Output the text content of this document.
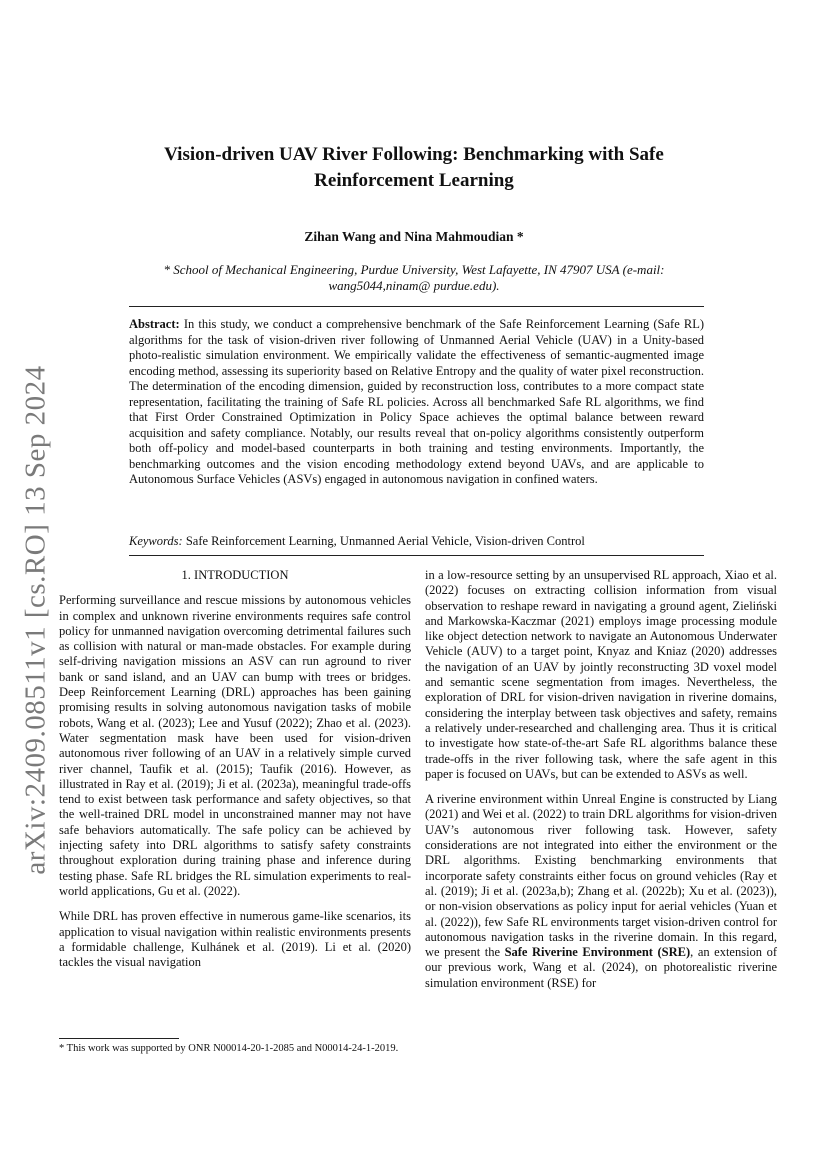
arXiv:2409.08511v1 [cs.RO] 13 Sep 2024
Vision-driven UAV River Following: Benchmarking with Safe Reinforcement Learning
Zihan Wang and Nina Mahmoudian *
* School of Mechanical Engineering, Purdue University, West Lafayette, IN 47907 USA (e-mail: wang5044,ninam@ purdue.edu).
Abstract: In this study, we conduct a comprehensive benchmark of the Safe Reinforcement Learning (Safe RL) algorithms for the task of vision-driven river following of Unmanned Aerial Vehicle (UAV) in a Unity-based photo-realistic simulation environment. We empirically validate the effectiveness of semantic-augmented image encoding method, assessing its superiority based on Relative Entropy and the quality of water pixel reconstruction. The determination of the encoding dimension, guided by reconstruction loss, contributes to a more compact state representation, facilitating the training of Safe RL policies. Across all benchmarked Safe RL algorithms, we find that First Order Constrained Optimization in Policy Space achieves the optimal balance between reward acquisition and safety compliance. Notably, our results reveal that on-policy algorithms consistently outperform both off-policy and model-based counterparts in both training and testing environments. Importantly, the benchmarking outcomes and the vision encoding methodology extend beyond UAVs, and are applicable to Autonomous Surface Vehicles (ASVs) engaged in autonomous navigation in confined waters.
Keywords: Safe Reinforcement Learning, Unmanned Aerial Vehicle, Vision-driven Control
1. INTRODUCTION

Performing surveillance and rescue missions by autonomous vehicles in complex and unknown riverine environments requires safe control policy for unmanned navigation overcoming detrimental failures such as collision with natural or man-made obstacles. For example during self-driving navigation missions an ASV can run aground to river bank or sand island, and an UAV can bump with trees or bridges. Deep Reinforcement Learning (DRL) approaches has been gaining promising results in solving autonomous navigation tasks of mobile robots, Wang et al. (2023); Lee and Yusuf (2022); Zhao et al. (2023). Water segmentation mask have been used for vision-driven autonomous river following of an UAV in a relatively simple curved river channel, Taufik et al. (2015); Taufik (2016). However, as illustrated in Ray et al. (2019); Ji et al. (2023a), meaningful trade-offs tend to exist between task performance and safety objectives, so that the well-trained DRL model in unconstrained manner may not have safe behaviors automatically. The safe policy can be achieved by injecting safety into DRL algorithms to satisfy safety constraints throughout exploration during training phase and inference during testing phase. Safe RL bridges the RL simulation experiments to real-world applications, Gu et al. (2022).

While DRL has proven effective in numerous game-like scenarios, its application to visual navigation within realistic environments presents a formidable challenge, Kulhánek et al. (2019). Li et al. (2020) tackles the visual navigation

in a low-resource setting by an unsupervised RL approach, Xiao et al. (2022) focuses on extracting collision information from visual observation to reshape reward in navigating a ground agent, Zieliński and Markowska-Kaczmar (2021) employs image processing module like object detection network to navigate an Autonomous Underwater Vehicle (AUV) to a target point, Knyaz and Kniaz (2020) addresses the navigation of an UAV by jointly reconstructing 3D voxel model and semantic scene segmentation from images. Nevertheless, the exploration of DRL for vision-driven navigation in riverine domains, considering the interplay between task objectives and safety, remains a relatively under-researched and challenging area. Thus it is critical to investigate how state-of-the-art Safe RL algorithms balance these trade-offs in the river following task, where the safe agent in this paper is focused on UAVs, but can be extended to ASVs as well.

A riverine environment within Unreal Engine is constructed by Liang (2021) and Wei et al. (2022) to train DRL algorithms for vision-driven UAV’s autonomous river following task. However, safety considerations are not integrated into either the environment or the DRL algorithms. Existing benchmarking environments that incorporate safety constraints either focus on ground vehicles (Ray et al. (2019); Ji et al. (2023a,b); Zhang et al. (2022b); Xu et al. (2023)), or non-vision observations as policy input for aerial vehicles (Yuan et al. (2022)), few Safe RL environments target vision-driven control for autonomous navigation tasks in the riverine domain. In this regard, we present the Safe Riverine Environment (SRE), an extension of our previous work, Wang et al. (2024), on photorealistic riverine simulation environment (RSE) for

* This work was supported by ONR N00014-20-1-2085 and N00014-24-1-2019.
